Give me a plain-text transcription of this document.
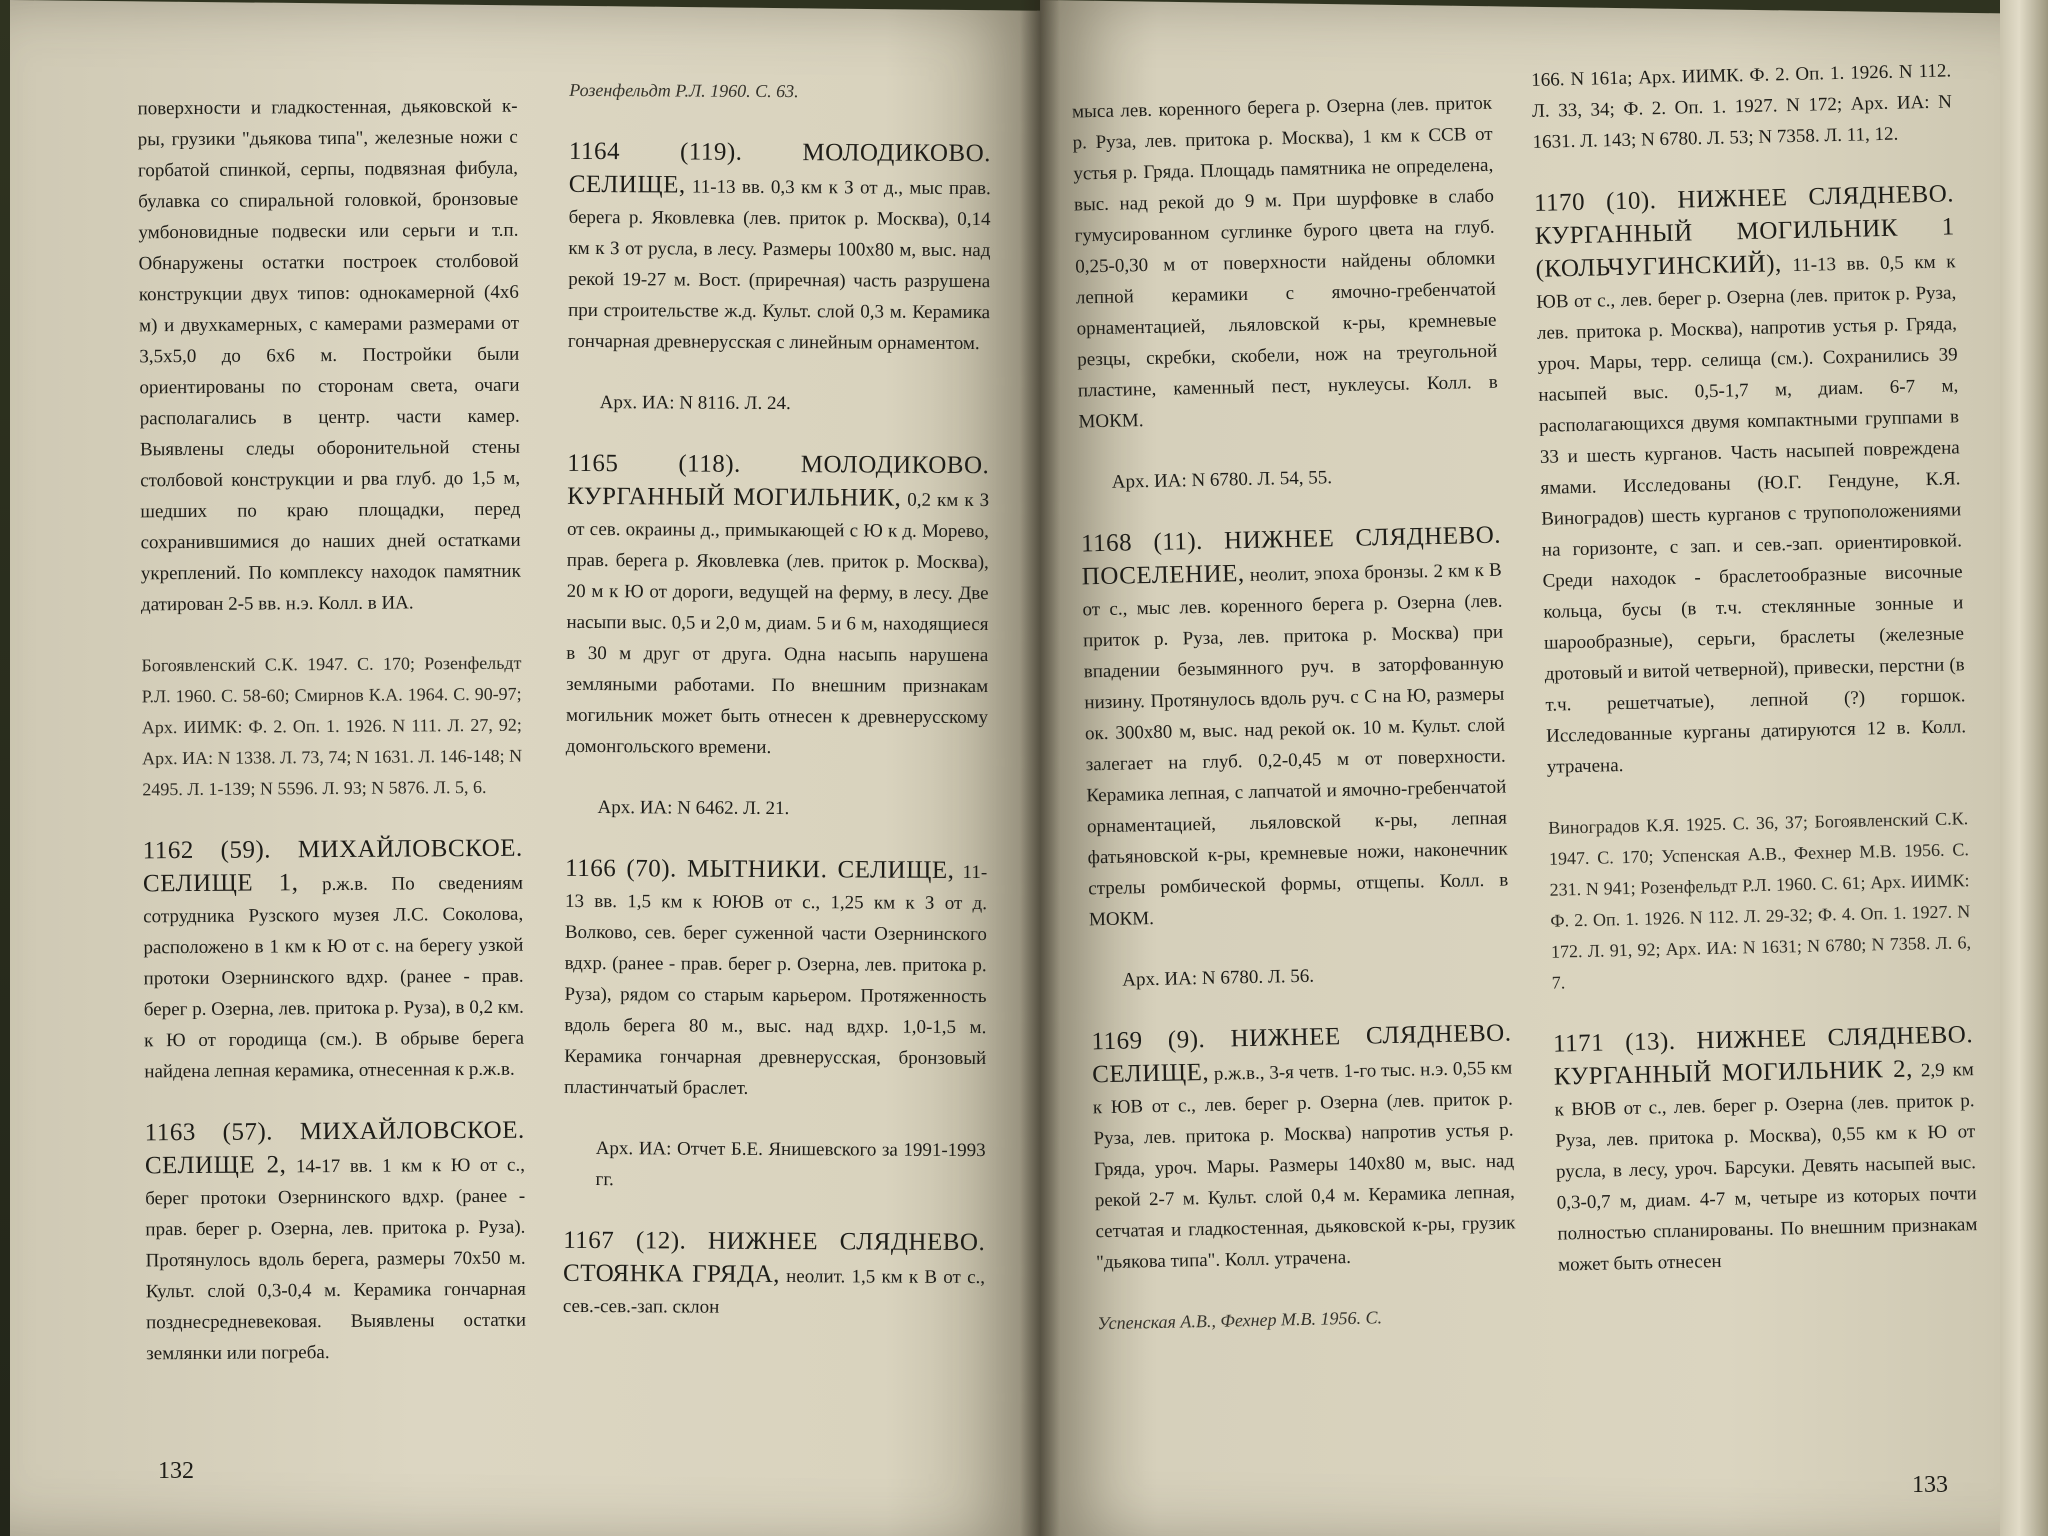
поверхности и гладкостенная, дьяковской к-ры, грузики "дьякова типа", железные ножи с горбатой спинкой, серпы, подвязная фибула, булавка со спиральной головкой, бронзовые умбоновидные подвески или серьги и т.п. Обнаружены остатки построек столбовой конструкции двух типов: однокамерной (4х6 м) и двухкамерных, с камерами размерами от 3,5х5,0 до 6х6 м. Постройки были ориентированы по сторонам света, очаги располагались в центр. части камер. Выявлены следы оборонительной стены столбовой конструкции и рва глуб. до 1,5 м, шедших по краю площадки, перед сохранившимися до наших дней остатками укреплений. По комплексу находок памятник датирован 2-5 вв. н.э. Колл. в ИА.

Богоявленский С.К. 1947. С. 170; Розенфельдт Р.Л. 1960. С. 58-60; Смирнов К.А. 1964. С. 90-97; Арх. ИИМК: Ф. 2. Оп. 1. 1926. N 111. Л. 27, 92; Арх. ИА: N 1338. Л. 73, 74; N 1631. Л. 146-148; N 2495. Л. 1-139; N 5596. Л. 93; N 5876. Л. 5, 6.

1162 (59). МИХАЙЛОВСКОЕ. СЕЛИЩЕ 1, р.ж.в. По сведениям сотрудника Рузского музея Л.С. Соколова, расположено в 1 км к Ю от с. на берегу узкой протоки Озернинского вдхр. (ранее - прав. берег р. Озерна, лев. притока р. Руза), в 0,2 км. к Ю от городища (см.). В обрыве берега найдена лепная керамика, отнесенная к р.ж.в.

1163 (57). МИХАЙЛОВСКОЕ. СЕЛИЩЕ 2, 14-17 вв. 1 км к Ю от с., берег протоки Озернинского вдхр. (ранее - прав. берег р. Озерна, лев. притока р. Руза). Протянулось вдоль берега, размеры 70х50 м. Культ. слой 0,3-0,4 м. Керамика гончарная позднесредневековая. Выявлены остатки землянки или погреба.

Розенфельдт Р.Л. 1960. С. 63.

1164 (119). МОЛОДИКОВО. СЕЛИЩЕ, 11-13 вв. 0,3 км к З от д., мыс прав. берега р. Яковлевка (лев. приток р. Москва), 0,14 км к З от русла, в лесу. Размеры 100х80 м, выс. над рекой 19-27 м. Вост. (приречная) часть разрушена при строительстве ж.д. Культ. слой 0,3 м. Керамика гончарная древнерусская с линейным орнаментом.

Арх. ИА: N 8116. Л. 24.

1165 (118). МОЛОДИКОВО. КУРГАННЫЙ МОГИЛЬНИК, 0,2 км к З от сев. окраины д., примыкающей с Ю к д. Морево, прав. берега р. Яковлевка (лев. приток р. Москва), 20 м к Ю от дороги, ведущей на ферму, в лесу. Две насыпи выс. 0,5 и 2,0 м, диам. 5 и 6 м, находящиеся в 30 м друг от друга. Одна насыпь нарушена земляными работами. По внешним признакам могильник может быть отнесен к древнерусскому домонгольского времени.

Арх. ИА: N 6462. Л. 21.

1166 (70). МЫТНИКИ. СЕЛИЩЕ, 11-13 вв. 1,5 км к ЮЮВ от с., 1,25 км к З от д. Волково, сев. берег суженной части Озернинского вдхр. (ранее - прав. берег р. Озерна, лев. притока р. Руза), рядом со старым карьером. Протяженность вдоль берега 80 м., выс. над вдхр. 1,0-1,5 м. Керамика гончарная древнерусская, бронзовый пластинчатый браслет.

Арх. ИА: Отчет Б.Е. Янишевского за 1991-1993 гг.

1167 (12). НИЖНЕЕ СЛЯДНЕВО. СТОЯНКА ГРЯДА, неолит. 1,5 км к В от с., сев.-сев.-зап. склон

мыса лев. коренного берега р. Озерна (лев. приток р. Руза, лев. притока р. Москва), 1 км к ССВ от устья р. Гряда. Площадь памятника не определена, выс. над рекой до 9 м. При шурфовке в слабо гумусированном суглинке бурого цвета на глуб. 0,25-0,30 м от поверхности найдены обломки лепной керамики с ямочно-гребенчатой орнаментацией, льяловской к-ры, кремневые резцы, скребки, скобели, нож на треугольной пластине, каменный пест, нуклеусы. Колл. в МОКМ.

Арх. ИА: N 6780. Л. 54, 55.

1168 (11). НИЖНЕЕ СЛЯДНЕВО. ПОСЕЛЕНИЕ, неолит, эпоха бронзы. 2 км к В от с., мыс лев. коренного берега р. Озерна (лев. приток р. Руза, лев. притока р. Москва) при впадении безымянного руч. в заторфованную низину. Протянулось вдоль руч. с С на Ю, размеры ок. 300х80 м, выс. над рекой ок. 10 м. Культ. слой залегает на глуб. 0,2-0,45 м от поверхности. Керамика лепная, с лапчатой и ямочно-гребенчатой орнаментацией, льяловской к-ры, лепная фатьяновской к-ры, кремневые ножи, наконечник стрелы ромбической формы, отщепы. Колл. в МОКМ.

Арх. ИА: N 6780. Л. 56.

1169 (9). НИЖНЕЕ СЛЯДНЕВО. СЕЛИЩЕ, р.ж.в., 3-я четв. 1-го тыс. н.э. 0,55 км к ЮВ от с., лев. берег р. Озерна (лев. приток р. Руза, лев. притока р. Москва) напротив устья р. Гряда, уроч. Мары. Размеры 140х80 м, выс. над рекой 2-7 м. Культ. слой 0,4 м. Керамика лепная, сетчатая и гладкостенная, дьяковской к-ры, грузик "дьякова типа". Колл. утрачена.

Успенская А.В., Фехнер М.В. 1956. С.

166. N 161а; Арх. ИИМК. Ф. 2. Оп. 1. 1926. N 112. Л. 33, 34; Ф. 2. Оп. 1. 1927. N 172; Арх. ИА: N 1631. Л. 143; N 6780. Л. 53; N 7358. Л. 11, 12.

1170 (10). НИЖНЕЕ СЛЯДНЕВО. КУРГАННЫЙ МОГИЛЬНИК 1 (КОЛЬЧУГИНСКИЙ), 11-13 вв. 0,5 км к ЮВ от с., лев. берег р. Озерна (лев. приток р. Руза, лев. притока р. Москва), напротив устья р. Гряда, уроч. Мары, терр. селища (см.). Сохранились 39 насыпей выс. 0,5-1,7 м, диам. 6-7 м, располагающихся двумя компактными группами в 33 и шесть курганов. Часть насыпей повреждена ямами. Исследованы (Ю.Г. Гендуне, К.Я. Виноградов) шесть курганов с трупоположениями на горизонте, с зап. и сев.-зап. ориентировкой. Среди находок - браслетообразные височные кольца, бусы (в т.ч. стеклянные зонные и шарообразные), серьги, браслеты (железные дротовый и витой четверной), привески, перстни (в т.ч. решетчатые), лепной (?) горшок. Исследованные курганы датируются 12 в. Колл. утрачена.

Виноградов К.Я. 1925. С. 36, 37; Богоявленский С.К. 1947. С. 170; Успенская А.В., Фехнер М.В. 1956. С. 231. N 941; Розенфельдт Р.Л. 1960. С. 61; Арх. ИИМК: Ф. 2. Оп. 1. 1926. N 112. Л. 29-32; Ф. 4. Оп. 1. 1927. N 172. Л. 91, 92; Арх. ИА: N 1631; N 6780; N 7358. Л. 6, 7.

1171 (13). НИЖНЕЕ СЛЯДНЕВО. КУРГАННЫЙ МОГИЛЬНИК 2, 2,9 км к ВЮВ от с., лев. берег р. Озерна (лев. приток р. Руза, лев. притока р. Москва), 0,55 км к Ю от русла, в лесу, уроч. Барсуки. Девять насыпей выс. 0,3-0,7 м, диам. 4-7 м, четыре из которых почти полностью спланированы. По внешним признакам может быть отнесен

132
133
